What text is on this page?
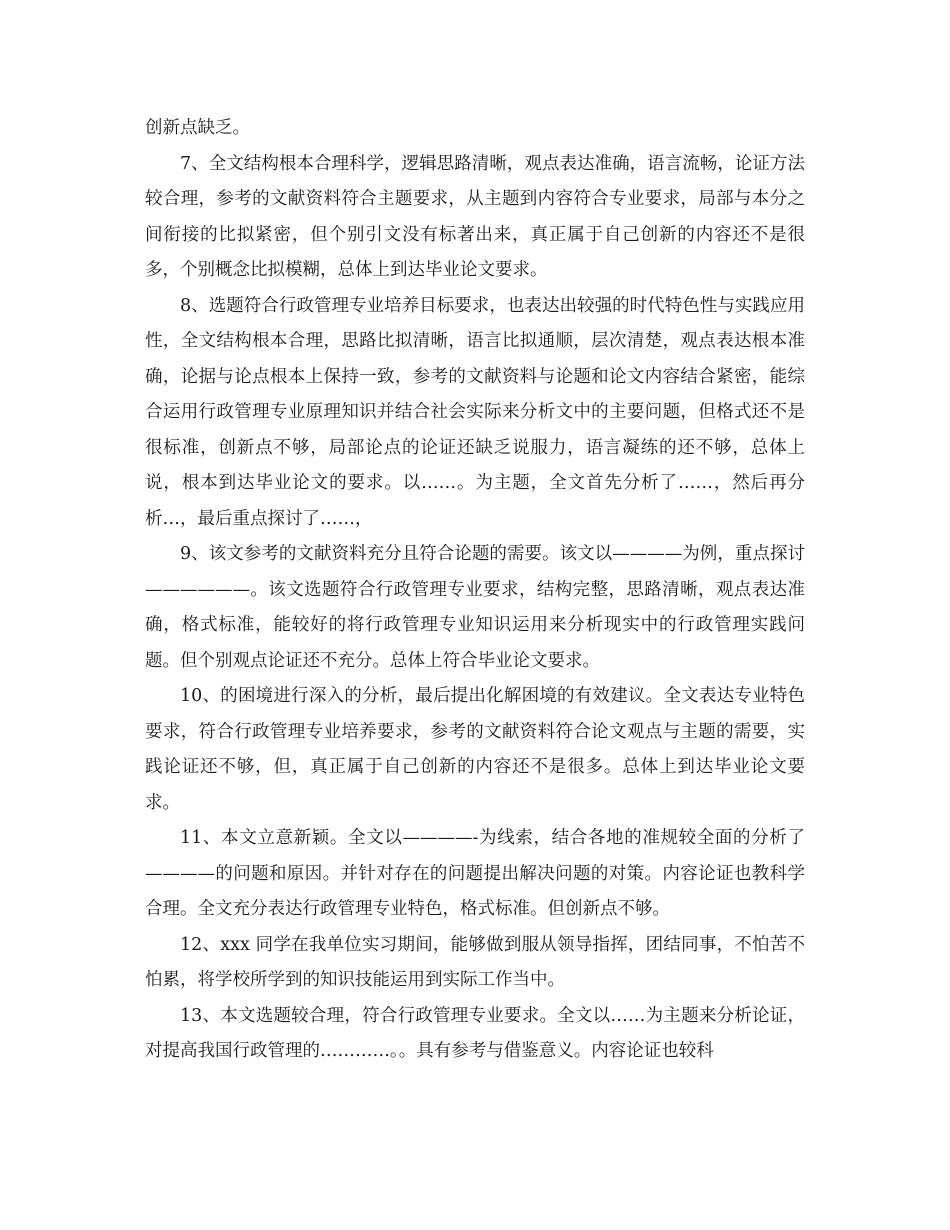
创新点缺乏。

7、全文结构根本合理科学，逻辑思路清晰，观点表达准确，语言流畅，论证方法较合理，参考的文献资料符合主题要求，从主题到内容符合专业要求，局部与本分之间衔接的比拟紧密，但个别引文没有标著出来，真正属于自己创新的内容还不是很多，个别概念比拟模糊，总体上到达毕业论文要求。

8、选题符合行政管理专业培养目标要求，也表达出较强的时代特色性与实践应用性，全文结构根本合理，思路比拟清晰，语言比拟通顺，层次清楚，观点表达根本准确，论据与论点根本上保持一致，参考的文献资料与论题和论文内容结合紧密，能综合运用行政管理专业原理知识并结合社会实际来分析文中的主要问题，但格式还不是很标准，创新点不够，局部论点的论证还缺乏说服力，语言凝练的还不够，总体上说，根本到达毕业论文的要求。以……。为主题，全文首先分析了……，然后再分析…，最后重点探讨了……，

9、该文参考的文献资料充分且符合论题的需要。该文以————为例，重点探讨——————。该文选题符合行政管理专业要求，结构完整，思路清晰，观点表达准确，格式标准，能较好的将行政管理专业知识运用来分析现实中的行政管理实践问题。但个别观点论证还不充分。总体上符合毕业论文要求。

10、的困境进行深入的分析，最后提出化解困境的有效建议。全文表达专业特色要求，符合行政管理专业培养要求，参考的文献资料符合论文观点与主题的需要，实践论证还不够，但，真正属于自己创新的内容还不是很多。总体上到达毕业论文要求。

11、本文立意新颖。全文以————-为线索，结合各地的准规较全面的分析了————的问题和原因。并针对存在的问题提出解决问题的对策。内容论证也教科学合理。全文充分表达行政管理专业特色，格式标准。但创新点不够。

12、xxx 同学在我单位实习期间，能够做到服从领导指挥，团结同事，不怕苦不怕累，将学校所学到的知识技能运用到实际工作当中。

13、本文选题较合理，符合行政管理专业要求。全文以……为主题来分析论证，对提高我国行政管理的…………。。具有参考与借鉴意义。内容论证也较科
